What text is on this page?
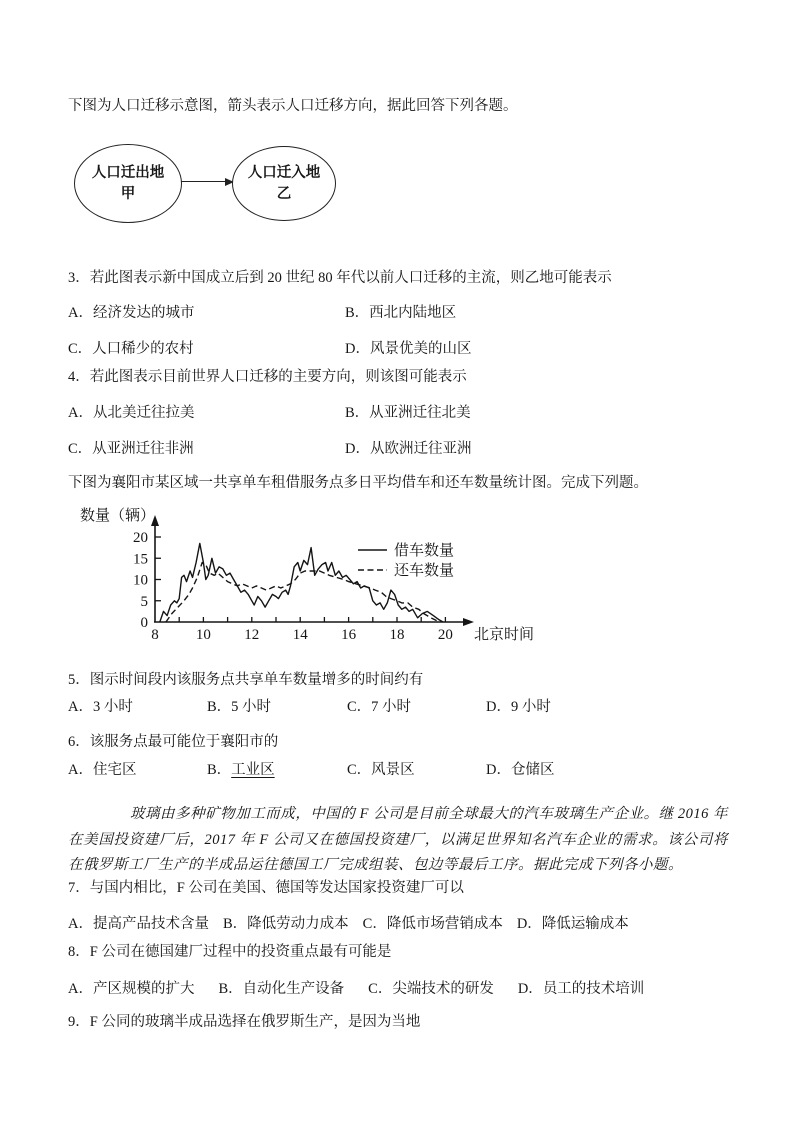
下图为人口迁移示意图，箭头表示人口迁移方向，据此回答下列各题。

人口迁出地
甲
人口迁入地
乙

3．若此图表示新中国成立后到 20 世纪 80 年代以前人口迁移的主流，则乙地可能表示

A．经济发达的城市	B．西北内陆地区
C．人口稀少的农村	D．风景优美的山区

4．若此图表示目前世界人口迁移的主要方向，则该图可能表示

A．从北美迁往拉美	B．从亚洲迁往北美
C．从亚洲迁往非洲	D．从欧洲迁往亚洲

下图为襄阳市某区域一共享单车租借服务点多日平均借车和还车数量统计图。完成下列题。

0
5
10
15
20
8 10 12 14 16 18 20
借车数量
还车数量
数量（辆）
北京时间

5．图示时间段内该服务点共享单车数量增多的时间约有

A．3 小时	B．5 小时	C．7 小时	D．9 小时

6．该服务点最可能位于襄阳市的

A．住宅区	B．工业区	C．风景区	D．仓储区

玻璃由多种矿物加工而成，中国的 F 公司是目前全球最大的汽车玻璃生产企业。继 2016 年在美国投资建厂后，2017 年 F 公司又在德国投资建厂，以满足世界知名汽车企业的需求。该公司将在俄罗斯工厂生产的半成品运往德国工厂完成组装、包边等最后工序。据此完成下列各小题。

7．与国内相比，F 公司在美国、德国等发达国家投资建厂可以

A．提高产品技术含量 B．降低劳动力成本 C．降低市场营销成本 D．降低运输成本

8．F 公司在德国建厂过程中的投资重点最有可能是

A．产区规模的扩大 B．自动化生产设备 C．尖端技术的研发 D．员工的技术培训

9．F 公同的玻璃半成品选择在俄罗斯生产，是因为当地
